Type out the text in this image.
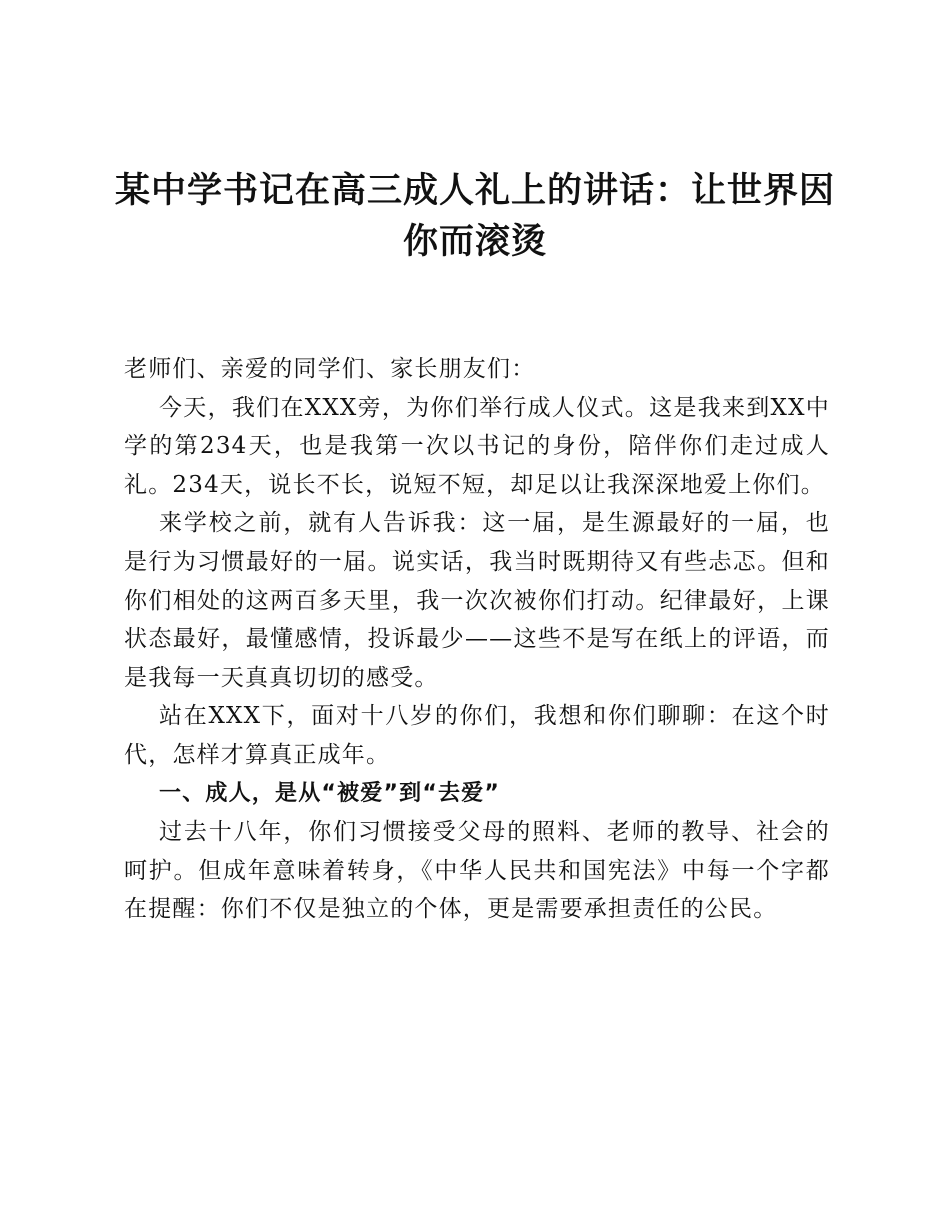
某中学书记在高三成人礼上的讲话：让世界因你而滚烫

老师们、亲爱的同学们、家长朋友们：

今天，我们在XXX旁，为你们举行成人仪式。这是我来到XX中学的第234天，也是我第一次以书记的身份，陪伴你们走过成人礼。234天，说长不长，说短不短，却足以让我深深地爱上你们。

来学校之前，就有人告诉我：这一届，是生源最好的一届，也是行为习惯最好的一届。说实话，我当时既期待又有些忐忑。但和你们相处的这两百多天里，我一次次被你们打动。纪律最好，上课状态最好，最懂感情，投诉最少——这些不是写在纸上的评语，而是我每一天真真切切的感受。

站在XXX下，面对十八岁的你们，我想和你们聊聊：在这个时代，怎样才算真正成年。

一、成人，是从“被爱”到“去爱”

过去十八年，你们习惯接受父母的照料、老师的教导、社会的呵护。但成年意味着转身，《中华人民共和国宪法》中每一个字都在提醒：你们不仅是独立的个体，更是需要承担责任的公民。
